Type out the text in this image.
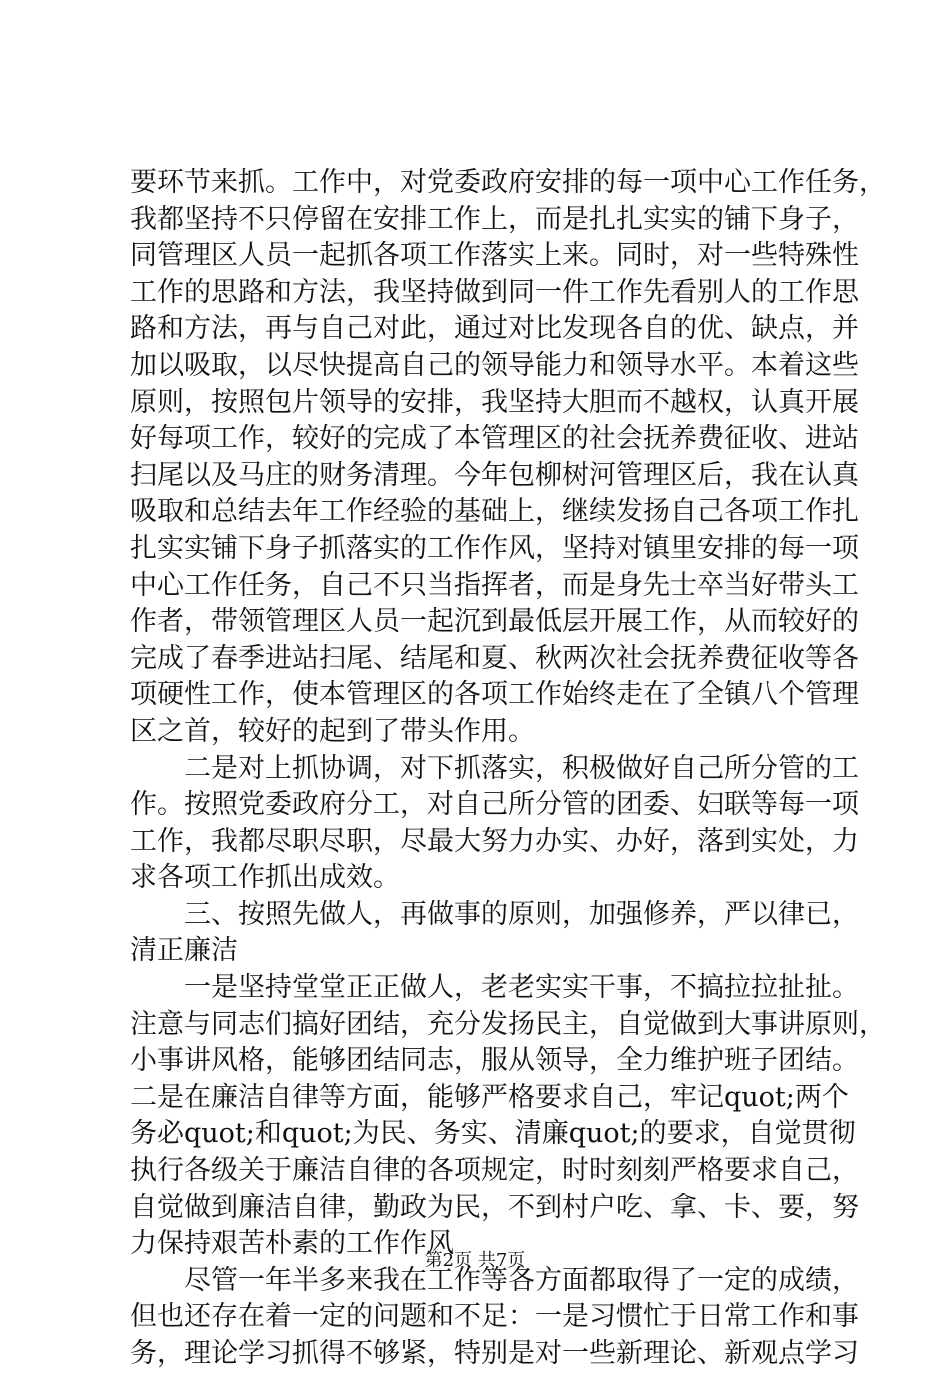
要环节来抓。工作中，对党委政府安排的每一项中心工作任务，
我都坚持不只停留在安排工作上，而是扎扎实实的铺下身子，
同管理区人员一起抓各项工作落实上来。同时，对一些特殊性
工作的思路和方法，我坚持做到同一件工作先看别人的工作思
路和方法，再与自己对此，通过对比发现各自的优、缺点，并
加以吸取，以尽快提高自己的领导能力和领导水平。本着这些
原则，按照包片领导的安排，我坚持大胆而不越权，认真开展
好每项工作，较好的完成了本管理区的社会抚养费征收、进站
扫尾以及马庄的财务清理。今年包柳树河管理区后，我在认真
吸取和总结去年工作经验的基础上，继续发扬自己各项工作扎
扎实实铺下身子抓落实的工作作风，坚持对镇里安排的每一项
中心工作任务，自己不只当指挥者，而是身先士卒当好带头工
作者，带领管理区人员一起沉到最低层开展工作，从而较好的
完成了春季进站扫尾、结尾和夏、秋两次社会抚养费征收等各
项硬性工作，使本管理区的各项工作始终走在了全镇八个管理
区之首，较好的起到了带头作用。
二是对上抓协调，对下抓落实，积极做好自己所分管的工
作。按照党委政府分工，对自己所分管的团委、妇联等每一项
工作，我都尽职尽职，尽最大努力办实、办好，落到实处，力
求各项工作抓出成效。
三、按照先做人，再做事的原则，加强修养，严以律已，
清正廉洁
一是坚持堂堂正正做人，老老实实干事，不搞拉拉扯扯。
注意与同志们搞好团结，充分发扬民主，自觉做到大事讲原则，
小事讲风格，能够团结同志，服从领导，全力维护班子团结。
二是在廉洁自律等方面，能够严格要求自己，牢记quot;两个
务必quot;和quot;为民、务实、清廉quot;的要求，自觉贯彻
执行各级关于廉洁自律的各项规定，时时刻刻严格要求自己，
自觉做到廉洁自律，勤政为民，不到村户吃、拿、卡、要，努
力保持艰苦朴素的工作作风
尽管一年半多来我在工作等各方面都取得了一定的成绩，
但也还存在着一定的问题和不足：一是习惯忙于日常工作和事
务，理论学习抓得不够紧，特别是对一些新理论、新观点学习
第2页 共7页
